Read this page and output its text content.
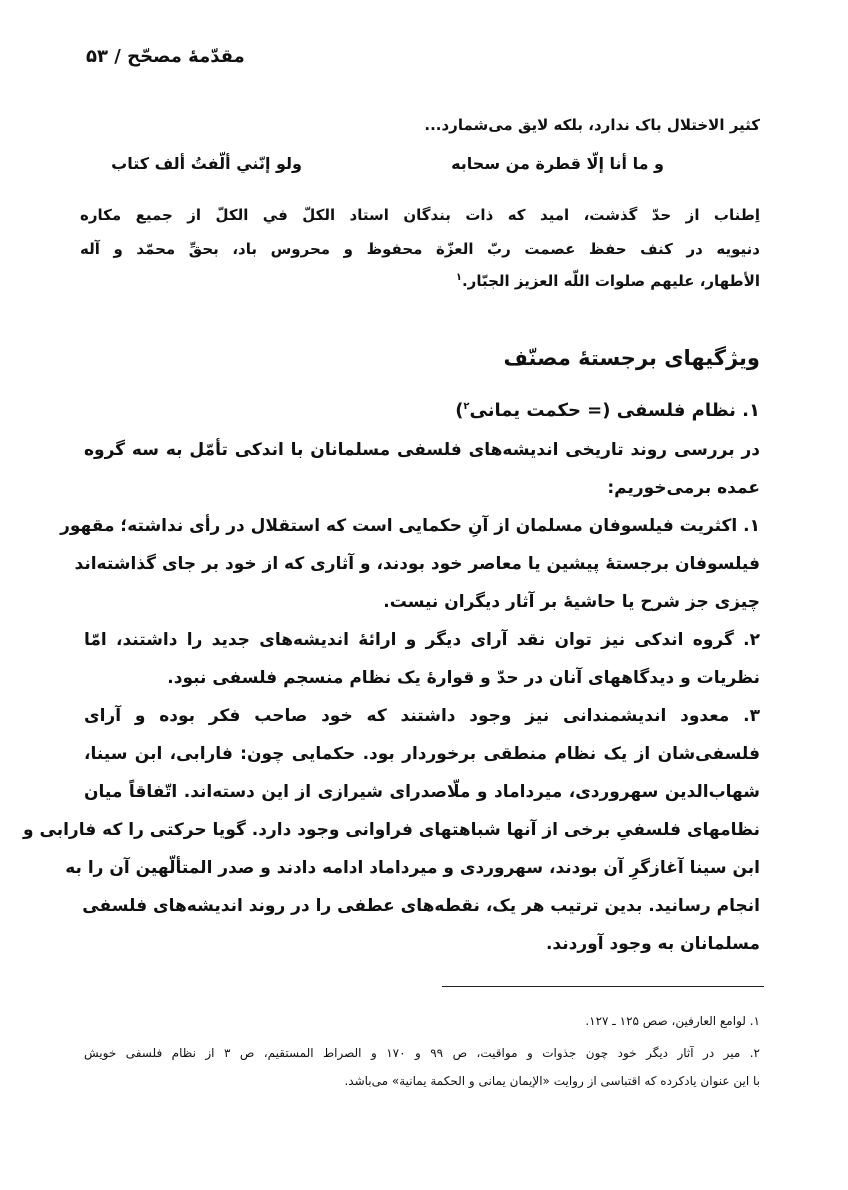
مقدّمهٔ مصحّح / ۵۳
کثیر الاختلال باک ندارد، بلکه لایق می‌شمارد...
و ما أنا إلّا قطرة من سحابه
ولو إنّني ألّفتُ ألف کتاب
اِطناب از حدّ گذشت، امید که ذات بندگان استاد الکلّ في الکلّ از جمیع مکاره
دنیویه در کنف حفظ عصمت ربّ العزّة محفوظ و محروس باد، بحقِّ محمّد و آله
الأطهار، علیهم صلوات اللّه العزیز الجبّار.$^۱$
ویژگیهای برجستهٔ مصنّف
۱. نظام فلسفی (= حکمت یمانی$^۲$)
در بررسی روند تاریخی اندیشه‌های فلسفی مسلمانان با اندکی تأمّل به سه گروه
عمده برمی‌خوریم:
۱. اکثریت فیلسوفان مسلمان از آنِ حکمایی است که استقلال در رأی نداشته؛ مقهور
فیلسوفان برجستهٔ پیشین یا معاصر خود بودند، و آثاری که از خود بر جای گذاشته‌اند
چیزی جز شرح یا حاشیهٔ بر آثار دیگران نیست.
۲. گروه اندکی نیز توان نقد آرای دیگر و ارائهٔ اندیشه‌های جدید را داشتند، امّا
نظریات و دیدگاههای آنان در حدّ و قوارهٔ یک نظام منسجم فلسفی نبود.
۳. معدود اندیشمندانی نیز وجود داشتند که خود صاحب فکر بوده و آرای
فلسفی‌شان از یک نظام منطقی برخوردار بود. حکمایی چون: فارابی، ابن سینا،
شهاب‌الدین سهروردی، میرداماد و ملّاصدرای شیرازی از این دسته‌اند. اتّفاقاً میان
نظامهای فلسفیِ برخی از آنها شباهتهای فراوانی وجود دارد. گویا حرکتی را که فارابی و
ابن سینا آغازگرِ آن بودند، سهروردی و میرداماد ادامه دادند و صدر المتألّهین آن را به
انجام رسانید. بدین ترتیب هر یک، نقطه‌های عطفی را در روند اندیشه‌های فلسفی
مسلمانان به وجود آوردند.
۱. لوامع العارفین، صص ۱۲۵ ـ ۱۲۷.
۲. میر در آثار دیگر خود چون جذوات و مواقیت، ص ۹۹ و ۱۷۰ و الصراط المستقیم، ص ۳ از نظام فلسفی خویش
با این عنوان یادکرده که اقتباسی از روایت «الإیمان یمانی و الحکمة یمانیة» می‌باشد.
